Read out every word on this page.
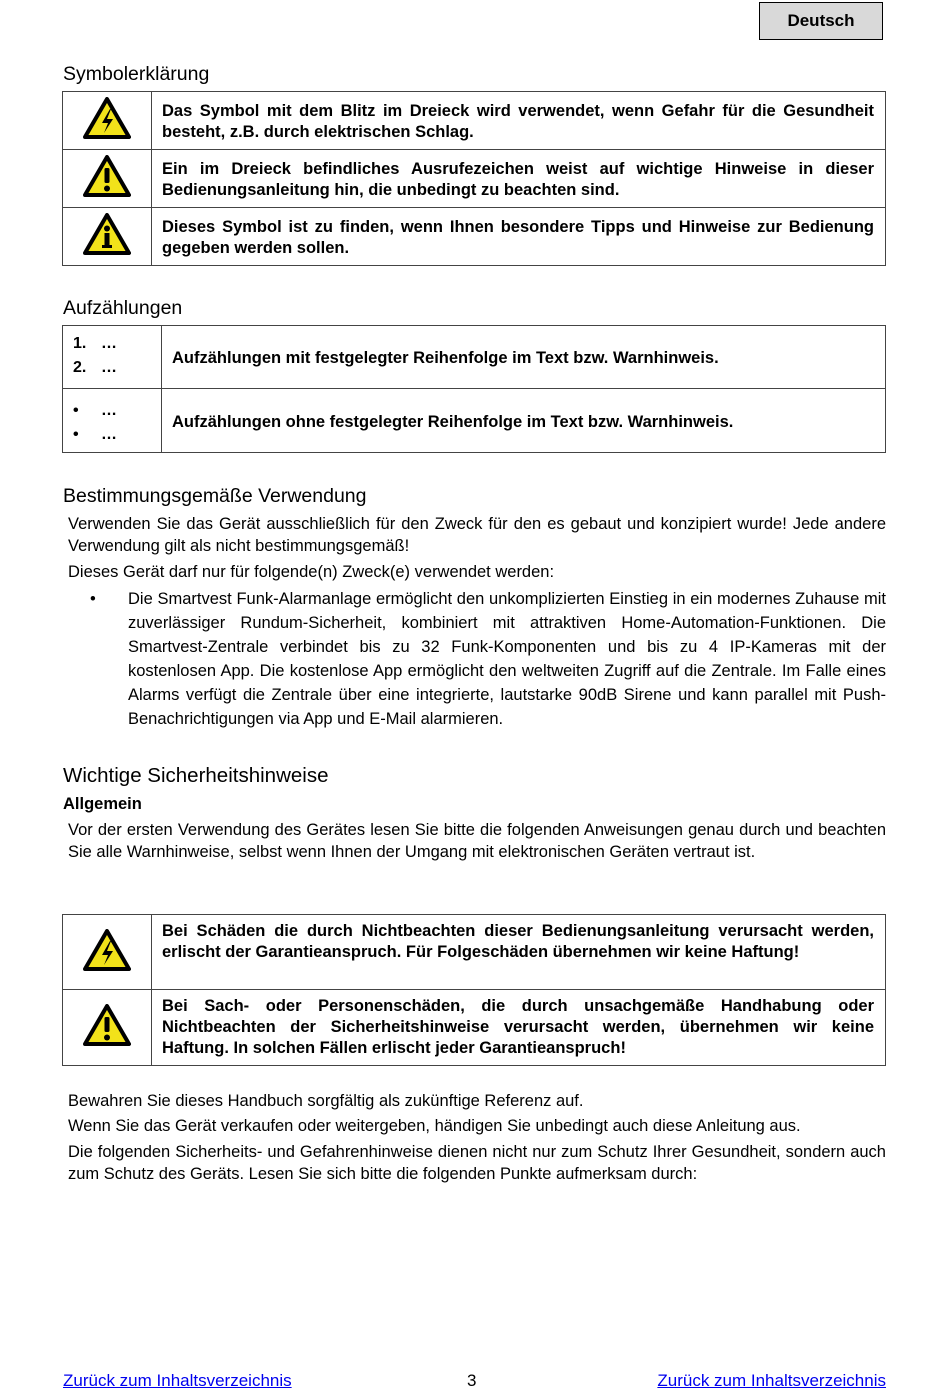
Deutsch
Symbolerklärung
	Das Symbol mit dem Blitz im Dreieck wird verwendet, wenn Gefahr für die Gesundheit besteht, z.B. durch elektrischen Schlag.
	Ein im Dreieck befindliches Ausrufezeichen weist auf wichtige Hinweise in dieser Bedienungsanleitung hin, die unbedingt zu beachten sind.
	Dieses Symbol ist zu finden, wenn Ihnen besondere Tipps und Hinweise zur Bedienung gegeben werden sollen.
Aufzählungen
1. …
2. …	Aufzählungen mit festgelegter Reihenfolge im Text bzw. Warnhinweis.

• …
• …	Aufzählungen ohne festgelegter Reihenfolge im Text bzw. Warnhinweis.
Bestimmungsgemäße Verwendung
Verwenden Sie das Gerät ausschließlich für den Zweck für den es gebaut und konzipiert wurde! Jede andere Verwendung gilt als nicht bestimmungsgemäß!
Dieses Gerät darf nur für folgende(n) Zweck(e) verwendet werden:
• Die Smartvest Funk-Alarmanlage ermöglicht den unkomplizierten Einstieg in ein modernes Zuhause mit zuverlässiger Rundum-Sicherheit, kombiniert mit attraktiven Home-Automation-Funktionen. Die Smartvest-Zentrale verbindet bis zu 32 Funk-Komponenten und bis zu 4 IP-Kameras mit der kostenlosen App. Die kostenlose App ermöglicht den weltweiten Zugriff auf die Zentrale. Im Falle eines Alarms verfügt die Zentrale über eine integrierte, lautstarke 90dB Sirene und kann parallel mit Push-Benachrichtigungen via App und E-Mail alarmieren.
Wichtige Sicherheitshinweise
Allgemein
Vor der ersten Verwendung des Gerätes lesen Sie bitte die folgenden Anweisungen genau durch und beachten Sie alle Warnhinweise, selbst wenn Ihnen der Umgang mit elektronischen Geräten vertraut ist.
	Bei Schäden die durch Nichtbeachten dieser Bedienungsanleitung verursacht werden, erlischt der Garantieanspruch. Für Folgeschäden übernehmen wir keine Haftung!
	Bei Sach- oder Personenschäden, die durch unsachgemäße Handhabung oder Nichtbeachten der Sicherheitshinweise verursacht werden, übernehmen wir keine Haftung. In solchen Fällen erlischt jeder Garantieanspruch!
Bewahren Sie dieses Handbuch sorgfältig als zukünftige Referenz auf.
Wenn Sie das Gerät verkaufen oder weitergeben, händigen Sie unbedingt auch diese Anleitung aus.
Die folgenden Sicherheits- und Gefahrenhinweise dienen nicht nur zum Schutz Ihrer Gesundheit, sondern auch zum Schutz des Geräts. Lesen Sie sich bitte die folgenden Punkte aufmerksam durch:
Zurück zum Inhaltsverzeichnis	3	Zurück zum Inhaltsverzeichnis
